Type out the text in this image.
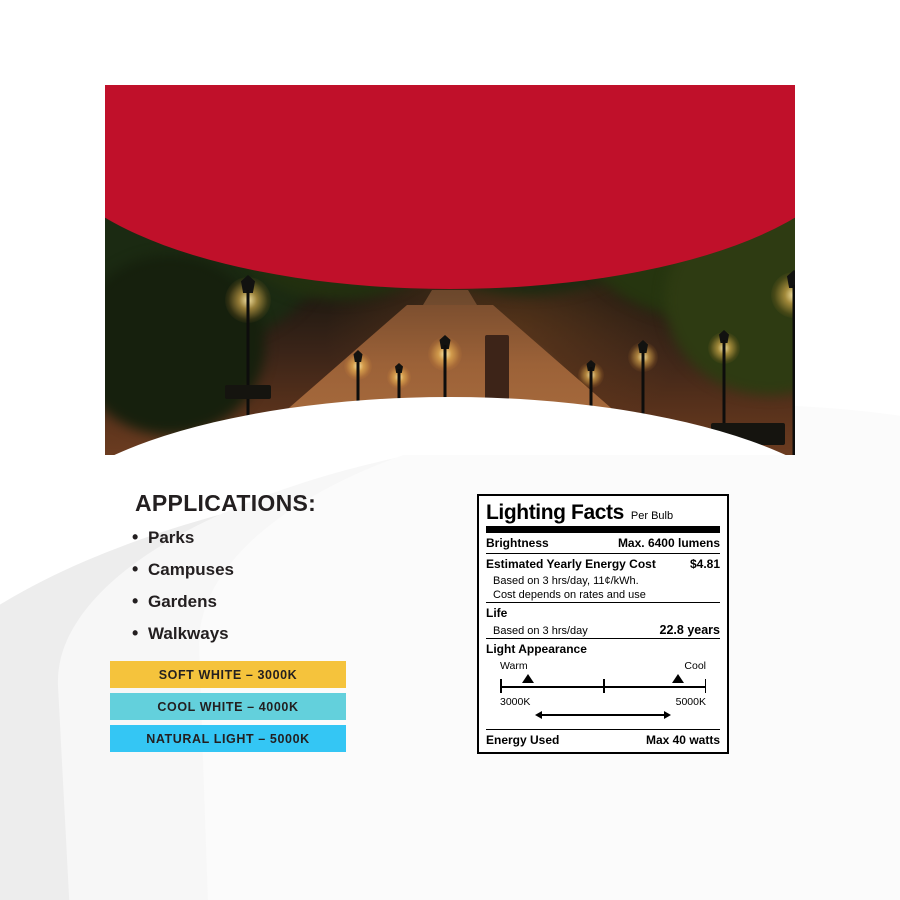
APPLICATIONS:
• Parks
• Campuses
• Gardens
• Walkways
SOFT WHITE – 3000K
COOL WHITE – 4000K
NATURAL LIGHT – 5000K
Lighting Facts Per Bulb
Brightness	Max. 6400 lumens
Estimated Yearly Energy Cost	$4.81
Based on 3 hrs/day, 11¢/kWh.
Cost depends on rates and use
Life
Based on 3 hrs/day	22.8 years
Light Appearance
Warm	Cool
3000K	5000K
Energy Used	Max 40 watts
